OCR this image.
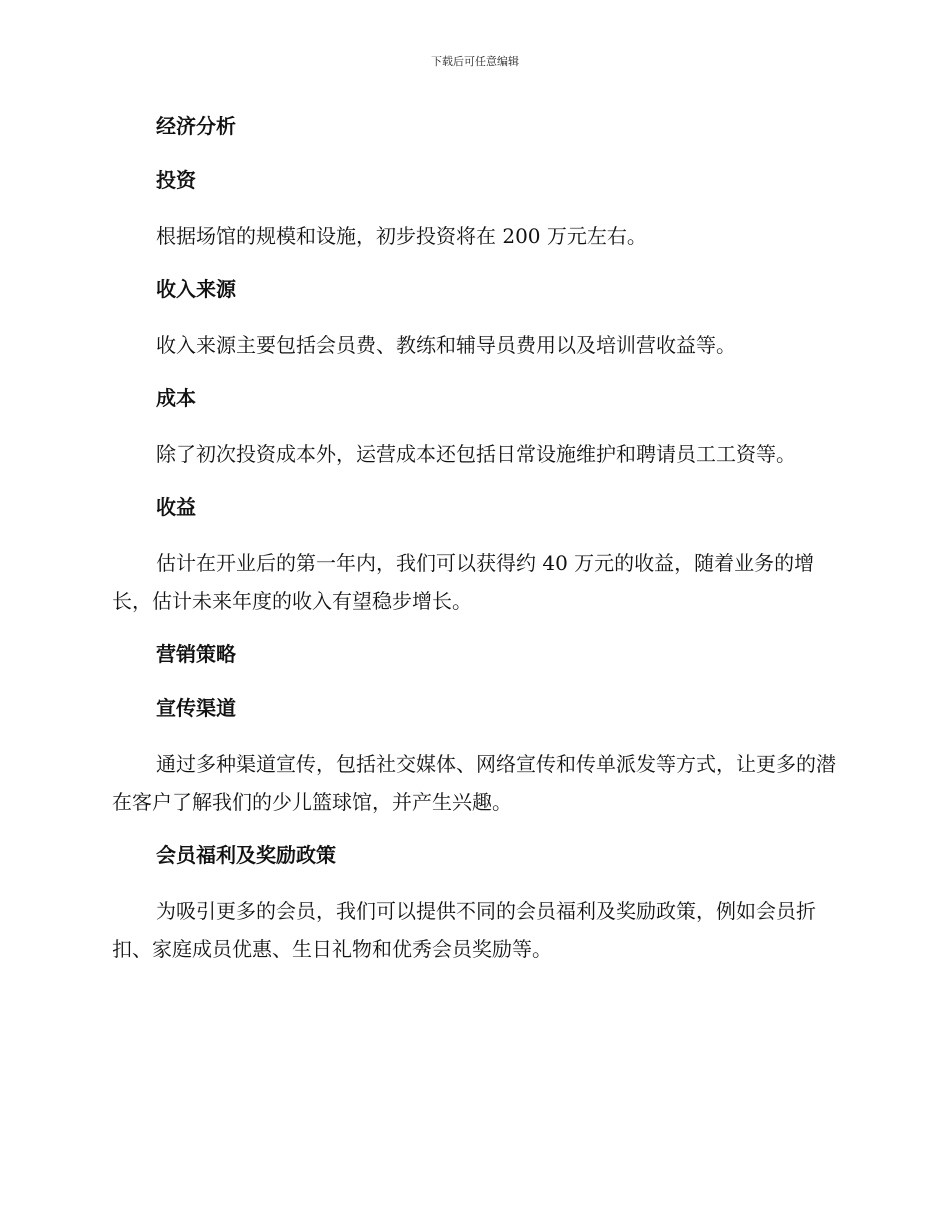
下载后可任意编辑
经济分析
投资

根据场馆的规模和设施，初步投资将在 200 万元左右。

收入来源

收入来源主要包括会员费、教练和辅导员费用以及培训营收益等。

成本

除了初次投资成本外，运营成本还包括日常设施维护和聘请员工工资等。

收益

估计在开业后的第一年内，我们可以获得约 40 万元的收益，随着业务的增长，估计未来年度的收入有望稳步增长。

营销策略
宣传渠道

通过多种渠道宣传，包括社交媒体、网络宣传和传单派发等方式，让更多的潜在客户了解我们的少儿篮球馆，并产生兴趣。

会员福利及奖励政策

为吸引更多的会员，我们可以提供不同的会员福利及奖励政策，例如会员折扣、家庭成员优惠、生日礼物和优秀会员奖励等。
